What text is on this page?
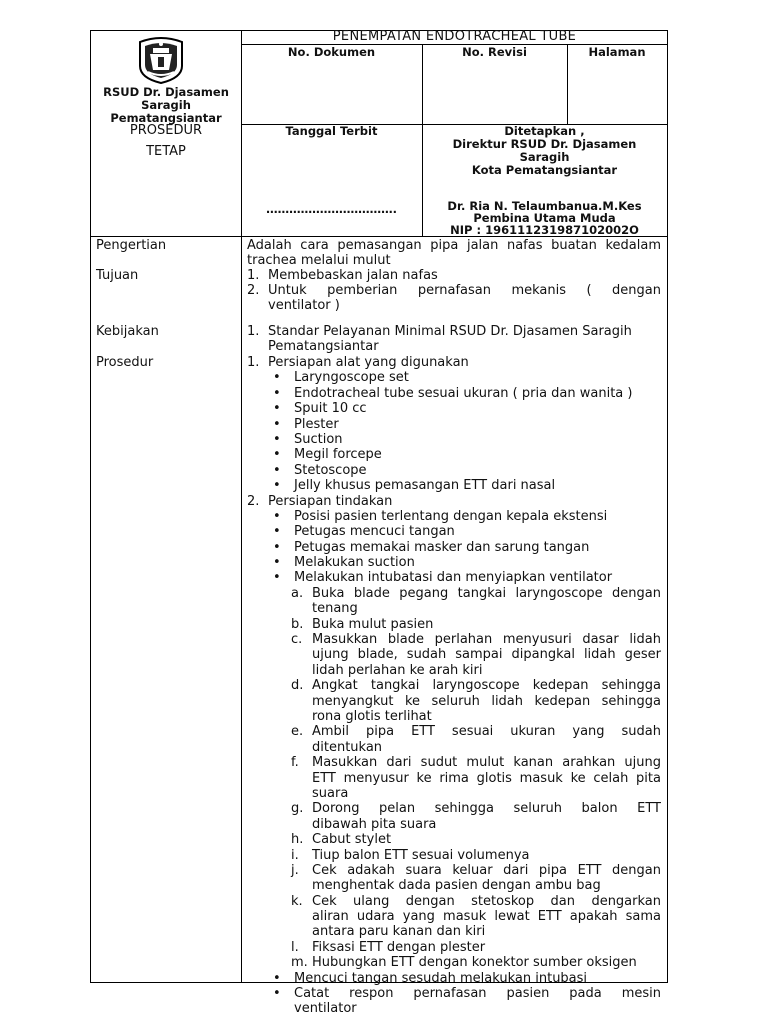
PENEMPATAN ENDOTRACHEAL TUBE
No. Dokumen	No. Revisi	Halaman
RSUD Dr. Djasamen
Saragih
Pematangsiantar
PROSEDUR
TETAP
Tanggal Terbit
…………………………….
Ditetapkan ,
Direktur RSUD Dr. Djasamen
Saragih
Kota Pematangsiantar
Dr. Ria N. Telaumbanua.M.Kes
Pembina Utama Muda
NIP : 196111231987102002O
Pengertian
Tujuan
Kebijakan
Prosedur
Adalah cara pemasangan pipa jalan nafas buatan kedalam
trachea melalui mulut
1. Membebaskan jalan nafas
2. Untuk pemberian pernafasan mekanis ( dengan
ventilator )
1. Standar Pelayanan Minimal RSUD Dr. Djasamen Saragih
Pematangsiantar
1. Persiapan alat yang digunakan
• Laryngoscope set
• Endotracheal tube sesuai ukuran ( pria dan wanita )
• Spuit 10 cc
• Plester
• Suction
• Megil forcepe
• Stetoscope
• Jelly khusus pemasangan ETT dari nasal
2. Persiapan tindakan
• Posisi pasien terlentang dengan kepala ekstensi
• Petugas mencuci tangan
• Petugas memakai masker dan sarung tangan
• Melakukan suction
• Melakukan intubatasi dan menyiapkan ventilator
a. Buka blade pegang tangkai laryngoscope dengan
tenang
b. Buka mulut pasien
c. Masukkan blade perlahan menyusuri dasar lidah
ujung blade, sudah sampai dipangkal lidah geser
lidah perlahan ke arah kiri
d. Angkat tangkai laryngoscope kedepan sehingga
menyangkut ke seluruh lidah kedepan sehingga
rona glotis terlihat
e. Ambil pipa ETT sesuai ukuran yang sudah
ditentukan
f. Masukkan dari sudut mulut kanan arahkan ujung
ETT menyusur ke rima glotis masuk ke celah pita
suara
g. Dorong pelan sehingga seluruh balon ETT
dibawah pita suara
h. Cabut stylet
i. Tiup balon ETT sesuai volumenya
j. Cek adakah suara keluar dari pipa ETT dengan
menghentak dada pasien dengan ambu bag
k. Cek ulang dengan stetoskop dan dengarkan
aliran udara yang masuk lewat ETT apakah sama
antara paru kanan dan kiri
l. Fiksasi ETT dengan plester
m. Hubungkan ETT dengan konektor sumber oksigen
• Mencuci tangan sesudah melakukan intubasi
• Catat respon pernafasan pasien pada mesin
ventilator
